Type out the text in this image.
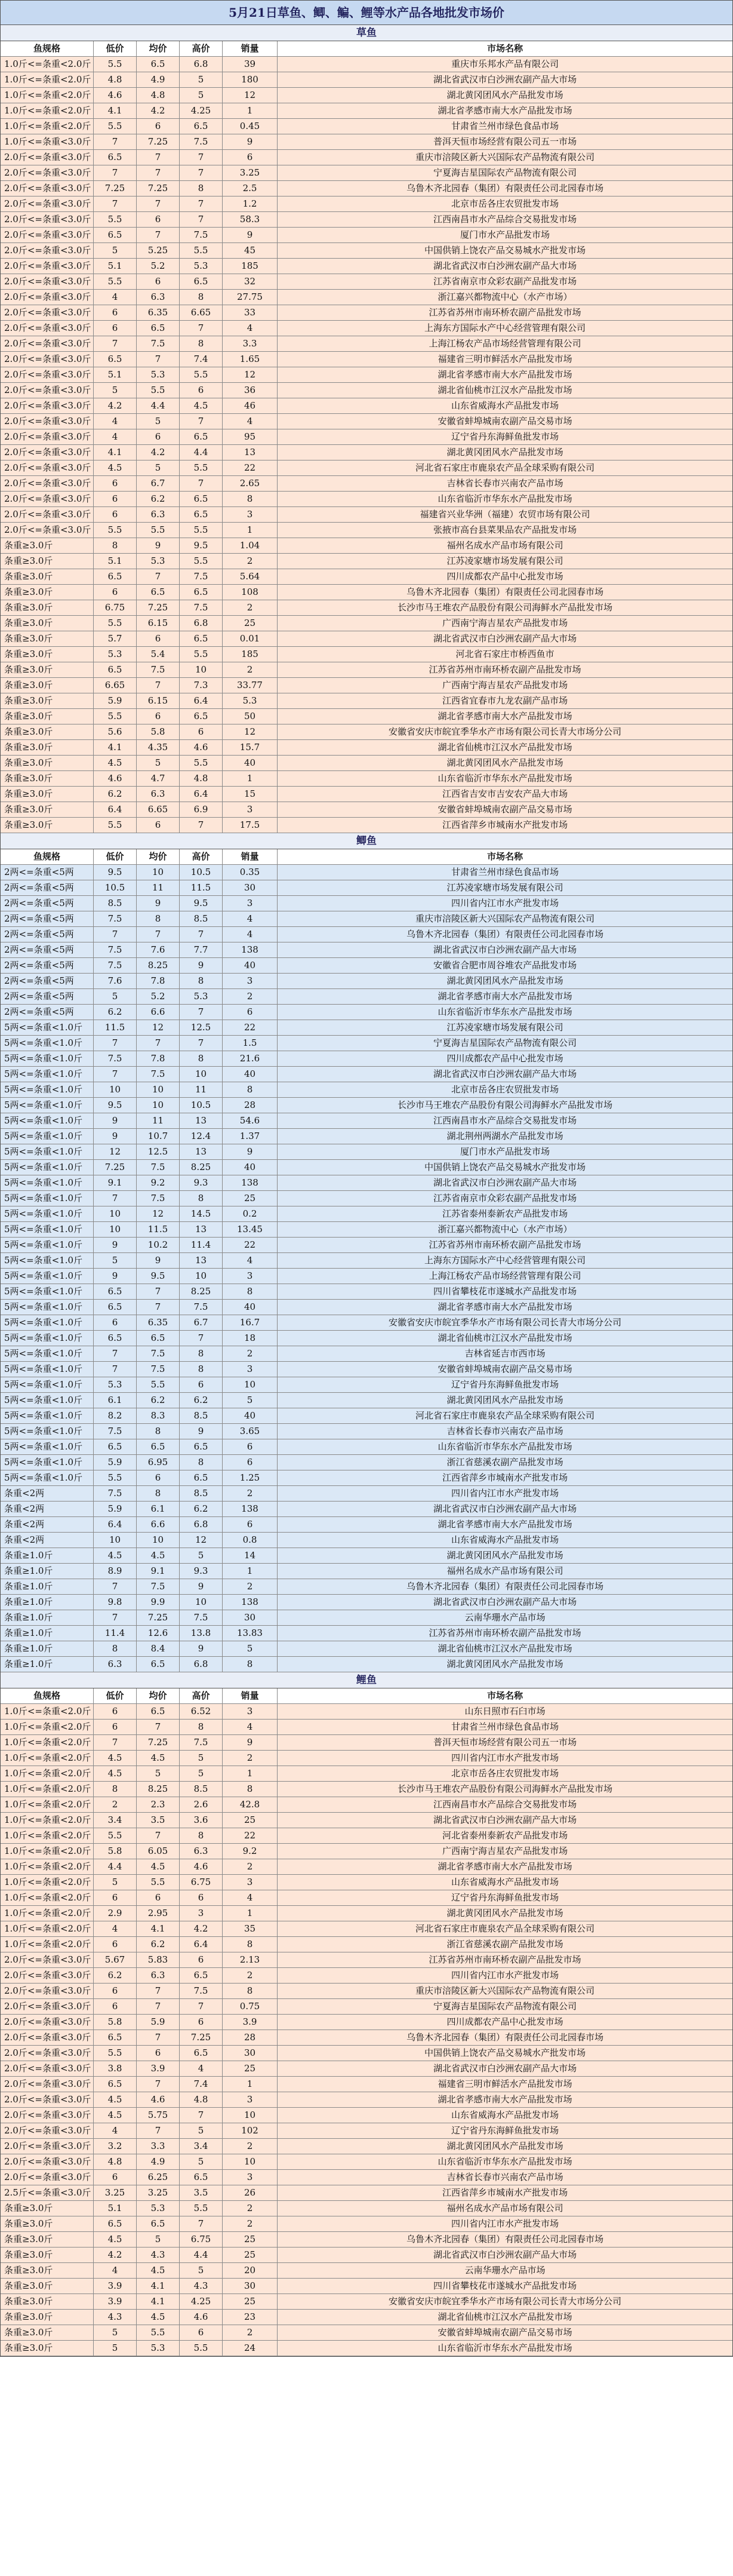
5月21日草鱼、鲫、鳊、鲤等水产品各地批发市场价
草鱼
鱼规格	低价	均价	高价	销量	市场名称
1.0斤<=条重<2.0斤	5.5	6.5	6.8	39	重庆市乐邦水产品有限公司
1.0斤<=条重<2.0斤	4.8	4.9	5	180	湖北省武汉市白沙洲农副产品大市场
1.0斤<=条重<2.0斤	4.6	4.8	5	12	湖北黄冈团风水产品批发市场
1.0斤<=条重<2.0斤	4.1	4.2	4.25	1	湖北省孝感市南大水产品批发市场
1.0斤<=条重<2.0斤	5.5	6	6.5	0.45	甘肃省兰州市绿色食品市场
1.0斤<=条重<3.0斤	7	7.25	7.5	9	普洱天恒市场经营有限公司五一市场
2.0斤<=条重<3.0斤	6.5	7	7	6	重庆市涪陵区新大兴国际农产品物流有限公司
2.0斤<=条重<3.0斤	7	7	7	3.25	宁夏海吉星国际农产品物流有限公司
2.0斤<=条重<3.0斤	7.25	7.25	8	2.5	乌鲁木齐北园春（集团）有限责任公司北园春市场
2.0斤<=条重<3.0斤	7	7	7	1.2	北京市岳各庄农贸批发市场
2.0斤<=条重<3.0斤	5.5	6	7	58.3	江西南昌市水产品综合交易批发市场
2.0斤<=条重<3.0斤	6.5	7	7.5	9	厦门市水产品批发市场
2.0斤<=条重<3.0斤	5	5.25	5.5	45	中国供销上饶农产品交易城水产批发市场
2.0斤<=条重<3.0斤	5.1	5.2	5.3	185	湖北省武汉市白沙洲农副产品大市场
2.0斤<=条重<3.0斤	5.5	6	6.5	32	江苏省南京市众彩农副产品批发市场
2.0斤<=条重<3.0斤	4	6.3	8	27.75	浙江嘉兴都物流中心（水产市场）
2.0斤<=条重<3.0斤	6	6.35	6.65	33	江苏省苏州市南环桥农副产品批发市场
2.0斤<=条重<3.0斤	6	6.5	7	4	上海东方国际水产中心经营管理有限公司
2.0斤<=条重<3.0斤	7	7.5	8	3.3	上海江杨农产品市场经营管理有限公司
2.0斤<=条重<3.0斤	6.5	7	7.4	1.65	福建省三明市鲜活水产品批发市场
2.0斤<=条重<3.0斤	5.1	5.3	5.5	12	湖北省孝感市南大水产品批发市场
2.0斤<=条重<3.0斤	5	5.5	6	36	湖北省仙桃市江汉水产品批发市场
2.0斤<=条重<3.0斤	4.2	4.4	4.5	46	山东省威海水产品批发市场
2.0斤<=条重<3.0斤	4	5	7	4	安徽省蚌埠城南农副产品交易市场
2.0斤<=条重<3.0斤	4	6	6.5	95	辽宁省丹东海鲜鱼批发市场
2.0斤<=条重<3.0斤	4.1	4.2	4.4	13	湖北黄冈团风水产品批发市场
2.0斤<=条重<3.0斤	4.5	5	5.5	22	河北省石家庄市鹿泉农产品全球采购有限公司
2.0斤<=条重<3.0斤	6	6.7	7	2.65	吉林省长春市兴南农产品市场
2.0斤<=条重<3.0斤	6	6.2	6.5	8	山东省临沂市华东水产品批发市场
2.0斤<=条重<3.0斤	6	6.3	6.5	3	福建省兴业华洲（福建）农贸市场有限公司
2.0斤<=条重<3.0斤	5.5	5.5	5.5	1	张掖市高台县菜果品农产品批发市场
条重≥3.0斤	8	9	9.5	1.04	福州名成水产品市场有限公司
条重≥3.0斤	5.1	5.3	5.5	2	江苏凌家塘市场发展有限公司
条重≥3.0斤	6.5	7	7.5	5.64	四川成都农产品中心批发市场
条重≥3.0斤	6	6.5	6.5	108	乌鲁木齐北园春（集团）有限责任公司北园春市场
条重≥3.0斤	6.75	7.25	7.5	2	长沙市马王堆农产品股份有限公司海鲜水产品批发市场
条重≥3.0斤	5.5	6.15	6.8	25	广西南宁海吉星农产品批发市场
条重≥3.0斤	5.7	6	6.5	0.01	湖北省武汉市白沙洲农副产品大市场
条重≥3.0斤	5.3	5.4	5.5	185	河北省石家庄市桥西鱼市
条重≥3.0斤	6.5	7.5	10	2	江苏省苏州市南环桥农副产品批发市场
条重≥3.0斤	6.65	7	7.3	33.77	广西南宁海吉星农产品批发市场
条重≥3.0斤	5.9	6.15	6.4	5.3	江西省宜春市九龙农副产品市场
条重≥3.0斤	5.5	6	6.5	50	湖北省孝感市南大水产品批发市场
条重≥3.0斤	5.6	5.8	6	12	安徽省安庆市皖宜季华水产市场有限公司长青大市场分公司
条重≥3.0斤	4.1	4.35	4.6	15.7	湖北省仙桃市江汉水产品批发市场
条重≥3.0斤	4.5	5	5.5	40	湖北黄冈团风水产品批发市场
条重≥3.0斤	4.6	4.7	4.8	1	山东省临沂市华东水产品批发市场
条重≥3.0斤	6.2	6.3	6.4	15	江西省吉安市吉安农产品大市场
条重≥3.0斤	6.4	6.65	6.9	3	安徽省蚌埠城南农副产品交易市场
条重≥3.0斤	5.5	6	7	17.5	江西省萍乡市城南水产批发市场
鲫鱼
鱼规格	低价	均价	高价	销量	市场名称
2两<=条重<5两	9.5	10	10.5	0.35	甘肃省兰州市绿色食品市场
2两<=条重<5两	10.5	11	11.5	30	江苏凌家塘市场发展有限公司
2两<=条重<5两	8.5	9	9.5	3	四川省内江市水产批发市场
2两<=条重<5两	7.5	8	8.5	4	重庆市涪陵区新大兴国际农产品物流有限公司
2两<=条重<5两	7	7	7	4	乌鲁木齐北园春（集团）有限责任公司北园春市场
2两<=条重<5两	7.5	7.6	7.7	138	湖北省武汉市白沙洲农副产品大市场
2两<=条重<5两	7.5	8.25	9	40	安徽省合肥市周谷堆农产品批发市场
2两<=条重<5两	7.6	7.8	8	3	湖北黄冈团风水产品批发市场
2两<=条重<5两	5	5.2	5.3	2	湖北省孝感市南大水产品批发市场
2两<=条重<5两	6.2	6.6	7	6	山东省临沂市华东水产品批发市场
5两<=条重<1.0斤	11.5	12	12.5	22	江苏凌家塘市场发展有限公司
5两<=条重<1.0斤	7	7	7	1.5	宁夏海吉星国际农产品物流有限公司
5两<=条重<1.0斤	7.5	7.8	8	21.6	四川成都农产品中心批发市场
5两<=条重<1.0斤	7	7.5	10	40	湖北省武汉市白沙洲农副产品大市场
5两<=条重<1.0斤	10	10	11	8	北京市岳各庄农贸批发市场
5两<=条重<1.0斤	9.5	10	10.5	28	长沙市马王堆农产品股份有限公司海鲜水产品批发市场
5两<=条重<1.0斤	9	11	13	54.6	江西南昌市水产品综合交易批发市场
5两<=条重<1.0斤	9	10.7	12.4	1.37	湖北荆州两湖水产品批发市场
5两<=条重<1.0斤	12	12.5	13	9	厦门市水产品批发市场
5两<=条重<1.0斤	7.25	7.5	8.25	40	中国供销上饶农产品交易城水产批发市场
5两<=条重<1.0斤	9.1	9.2	9.3	138	湖北省武汉市白沙洲农副产品大市场
5两<=条重<1.0斤	7	7.5	8	25	江苏省南京市众彩农副产品批发市场
5两<=条重<1.0斤	10	12	14.5	0.2	江苏省泰州泰新农产品批发市场
5两<=条重<1.0斤	10	11.5	13	13.45	浙江嘉兴都物流中心（水产市场）
5两<=条重<1.0斤	9	10.2	11.4	22	江苏省苏州市南环桥农副产品批发市场
5两<=条重<1.0斤	5	9	13	4	上海东方国际水产中心经营管理有限公司
5两<=条重<1.0斤	9	9.5	10	3	上海江杨农产品市场经营管理有限公司
5两<=条重<1.0斤	6.5	7	8.25	8	四川省攀枝花市遂城水产品批发市场
5两<=条重<1.0斤	6.5	7	7.5	40	湖北省孝感市南大水产品批发市场
5两<=条重<1.0斤	6	6.35	6.7	16.7	安徽省安庆市皖宜季华水产市场有限公司长青大市场分公司
5两<=条重<1.0斤	6.5	6.5	7	18	湖北省仙桃市江汉水产品批发市场
5两<=条重<1.0斤	7	7.5	8	2	吉林省延吉市西市场
5两<=条重<1.0斤	7	7.5	8	3	安徽省蚌埠城南农副产品交易市场
5两<=条重<1.0斤	5.3	5.5	6	10	辽宁省丹东海鲜鱼批发市场
5两<=条重<1.0斤	6.1	6.2	6.2	5	湖北黄冈团风水产品批发市场
5两<=条重<1.0斤	8.2	8.3	8.5	40	河北省石家庄市鹿泉农产品全球采购有限公司
5两<=条重<1.0斤	7.5	8	9	3.65	吉林省长春市兴南农产品市场
5两<=条重<1.0斤	6.5	6.5	6.5	6	山东省临沂市华东水产品批发市场
5两<=条重<1.0斤	5.9	6.95	8	6	浙江省慈溪农副产品批发市场
5两<=条重<1.0斤	5.5	6	6.5	1.25	江西省萍乡市城南水产批发市场
条重<2两	7.5	8	8.5	2	四川省内江市水产批发市场
条重<2两	5.9	6.1	6.2	138	湖北省武汉市白沙洲农副产品大市场
条重<2两	6.4	6.6	6.8	6	湖北省孝感市南大水产品批发市场
条重<2两	10	10	12	0.8	山东省威海水产品批发市场
条重≥1.0斤	4.5	4.5	5	14	湖北黄冈团风水产品批发市场
条重≥1.0斤	8.9	9.1	9.3	1	福州名成水产品市场有限公司
条重≥1.0斤	7	7.5	9	2	乌鲁木齐北园春（集团）有限责任公司北园春市场
条重≥1.0斤	9.8	9.9	10	138	湖北省武汉市白沙洲农副产品大市场
条重≥1.0斤	7	7.25	7.5	30	云南华珊水产品市场
条重≥1.0斤	11.4	12.6	13.8	13.83	江苏省苏州市南环桥农副产品批发市场
条重≥1.0斤	8	8.4	9	5	湖北省仙桃市江汉水产品批发市场
条重≥1.0斤	6.3	6.5	6.8	8	湖北黄冈团风水产品批发市场
鲤鱼
鱼规格	低价	均价	高价	销量	市场名称
1.0斤<=条重<2.0斤	6	6.5	6.52	3	山东日照市石臼市场
1.0斤<=条重<2.0斤	6	7	8	4	甘肃省兰州市绿色食品市场
1.0斤<=条重<2.0斤	7	7.25	7.5	9	普洱天恒市场经营有限公司五一市场
1.0斤<=条重<2.0斤	4.5	4.5	5	2	四川省内江市水产批发市场
1.0斤<=条重<2.0斤	4.5	5	5	1	北京市岳各庄农贸批发市场
1.0斤<=条重<2.0斤	8	8.25	8.5	8	长沙市马王堆农产品股份有限公司海鲜水产品批发市场
1.0斤<=条重<2.0斤	2	2.3	2.6	42.8	江西南昌市水产品综合交易批发市场
1.0斤<=条重<2.0斤	3.4	3.5	3.6	25	湖北省武汉市白沙洲农副产品大市场
1.0斤<=条重<2.0斤	5.5	7	8	22	河北省泰州泰新农产品批发市场
1.0斤<=条重<2.0斤	5.8	6.05	6.3	9.2	广西南宁海吉星农产品批发市场
1.0斤<=条重<2.0斤	4.4	4.5	4.6	2	湖北省孝感市南大水产品批发市场
1.0斤<=条重<2.0斤	5	5.5	6.75	3	山东省威海水产品批发市场
1.0斤<=条重<2.0斤	6	6	6	4	辽宁省丹东海鲜鱼批发市场
1.0斤<=条重<2.0斤	2.9	2.95	3	1	湖北黄冈团风水产品批发市场
1.0斤<=条重<2.0斤	4	4.1	4.2	35	河北省石家庄市鹿泉农产品全球采购有限公司
1.0斤<=条重<2.0斤	6	6.2	6.4	8	浙江省慈溪农副产品批发市场
2.0斤<=条重<3.0斤	5.67	5.83	6	2.13	江苏省苏州市南环桥农副产品批发市场
2.0斤<=条重<3.0斤	6.2	6.3	6.5	2	四川省内江市水产批发市场
2.0斤<=条重<3.0斤	6	7	7.5	8	重庆市涪陵区新大兴国际农产品物流有限公司
2.0斤<=条重<3.0斤	6	7	7	0.75	宁夏海吉星国际农产品物流有限公司
2.0斤<=条重<3.0斤	5.8	5.9	6	3.9	四川成都农产品中心批发市场
2.0斤<=条重<3.0斤	6.5	7	7.25	28	乌鲁木齐北园春（集团）有限责任公司北园春市场
2.0斤<=条重<3.0斤	5.5	6	6.5	30	中国供销上饶农产品交易城水产批发市场
2.0斤<=条重<3.0斤	3.8	3.9	4	25	湖北省武汉市白沙洲农副产品大市场
2.0斤<=条重<3.0斤	6.5	7	7.4	1	福建省三明市鲜活水产品批发市场
2.0斤<=条重<3.0斤	4.5	4.6	4.8	3	湖北省孝感市南大水产品批发市场
2.0斤<=条重<3.0斤	4.5	5.75	7	10	山东省威海水产品批发市场
2.0斤<=条重<3.0斤	4	7	5	102	辽宁省丹东海鲜鱼批发市场
2.0斤<=条重<3.0斤	3.2	3.3	3.4	2	湖北黄冈团风水产品批发市场
2.0斤<=条重<3.0斤	4.8	4.9	5	10	山东省临沂市华东水产品批发市场
2.0斤<=条重<3.0斤	6	6.25	6.5	3	吉林省长春市兴南农产品市场
2.5斤<=条重<3.0斤	3.25	3.25	3.5	26	江西省萍乡市城南水产批发市场
条重≥3.0斤	5.1	5.3	5.5	2	福州名成水产品市场有限公司
条重≥3.0斤	6.5	6.5	7	2	四川省内江市水产批发市场
条重≥3.0斤	4.5	5	6.75	25	乌鲁木齐北园春（集团）有限责任公司北园春市场
条重≥3.0斤	4.2	4.3	4.4	25	湖北省武汉市白沙洲农副产品大市场
条重≥3.0斤	4	4.5	5	20	云南华珊水产品市场
条重≥3.0斤	3.9	4.1	4.3	30	四川省攀枝花市遂城水产品批发市场
条重≥3.0斤	3.9	4.1	4.25	25	安徽省安庆市皖宜季华水产市场有限公司长青大市场分公司
条重≥3.0斤	4.3	4.5	4.6	23	湖北省仙桃市江汉水产品批发市场
条重≥3.0斤	5	5.5	6	2	安徽省蚌埠城南农副产品交易市场
条重≥3.0斤	5	5.3	5.5	24	山东省临沂市华东水产品批发市场
